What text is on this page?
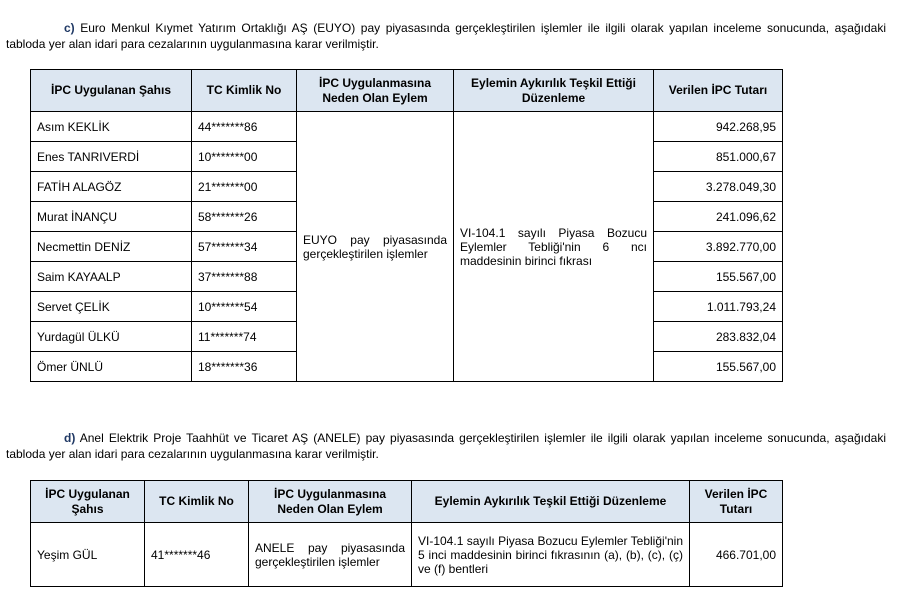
c) Euro Menkul Kıymet Yatırım Ortaklığı AŞ (EUYO) pay piyasasında gerçekleştirilen işlemler ile ilgili olarak yapılan inceleme sonucunda, aşağıdaki tabloda yer alan idari para cezalarının uygulanmasına karar verilmiştir.
İPC Uygulanan Şahıs	TC Kimlik No	İPC Uygulanmasına Neden Olan Eylem	Eylemin Aykırılık Teşkil Ettiği Düzenleme	Verilen İPC Tutarı
Asım KEKLİK	44*******86	EUYO pay piyasasında gerçekleştirilen işlemler	VI-104.1 sayılı Piyasa Bozucu Eylemler Tebliği'nin 6 ncı maddesinin birinci fıkrası	942.268,95
Enes TANRIVERDİ	10*******00			851.000,67
FATİH ALAGÖZ	21*******00			3.278.049,30
Murat İNANÇU	58*******26			241.096,62
Necmettin DENİZ	57*******34			3.892.770,00
Saim KAYAALP	37*******88			155.567,00
Servet ÇELİK	10*******54			1.011.793,24
Yurdagül ÜLKÜ	11*******74			283.832,04
Ömer ÜNLÜ	18*******36			155.567,00
d) Anel Elektrik Proje Taahhüt ve Ticaret AŞ (ANELE) pay piyasasında gerçekleştirilen işlemler ile ilgili olarak yapılan inceleme sonucunda, aşağıdaki tabloda yer alan idari para cezalarının uygulanmasına karar verilmiştir.
İPC Uygulanan Şahıs	TC Kimlik No	İPC Uygulanmasına Neden Olan Eylem	Eylemin Aykırılık Teşkil Ettiği Düzenleme	Verilen İPC Tutarı
Yeşim GÜL	41*******46	ANELE pay piyasasında gerçekleştirilen işlemler	VI-104.1 sayılı Piyasa Bozucu Eylemler Tebliği'nin 5 inci maddesinin birinci fıkrasının (a), (b), (c), (ç) ve (f) bentleri	466.701,00
